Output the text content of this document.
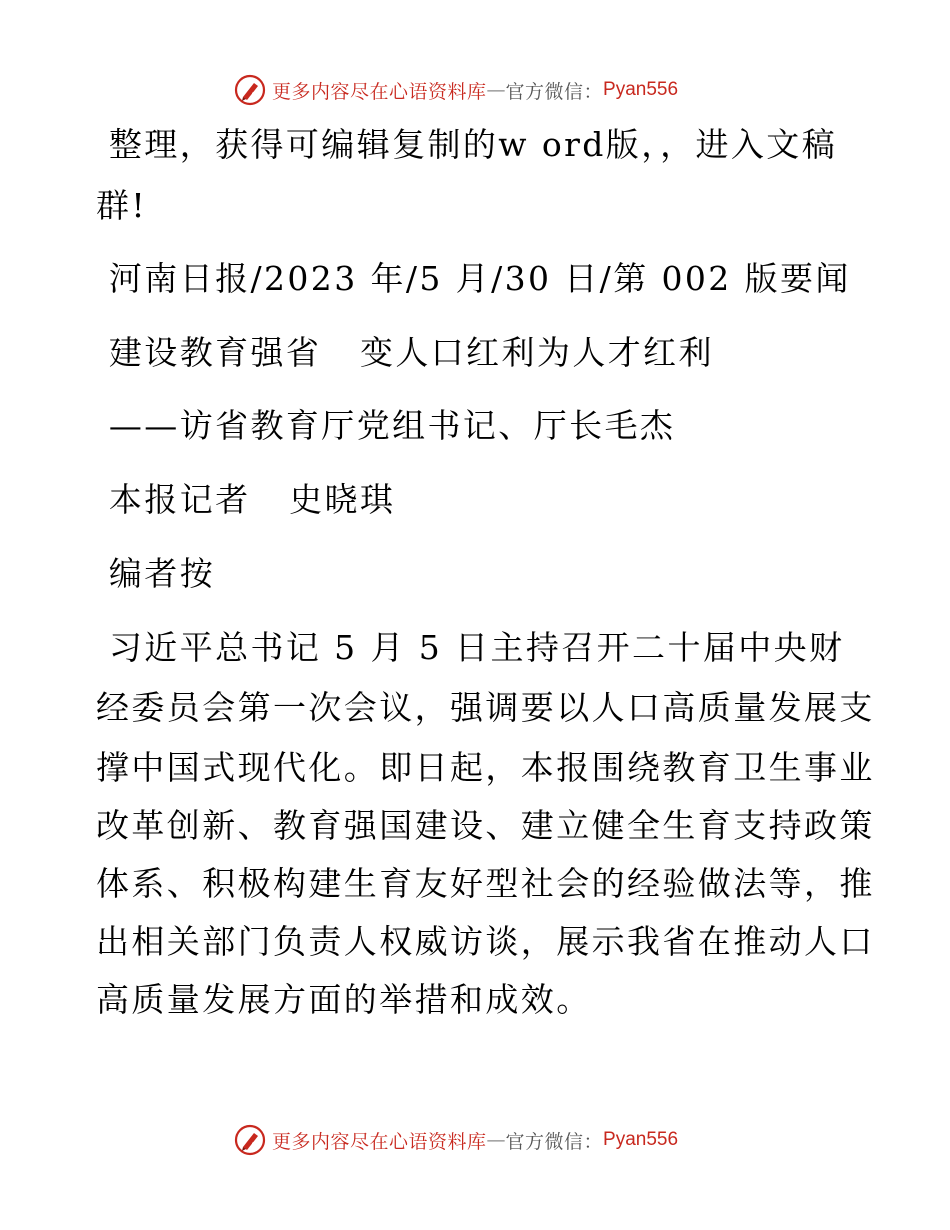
更多内容尽在心语资料库 — 官方微信： Pyan556
整理，获得可编辑复制的w ord版，，进入文稿
群!
河南日报/2023 年/5 月/30 日/第 002 版要闻
建设教育强省   变人口红利为人才红利
——访省教育厅党组书记、厅长毛杰
本报记者   史晓琪
编者按
习近平总书记 5 月 5 日主持召开二十届中央财
经委员会第一次会议，强调要以人口高质量发展支
撑中国式现代化。即日起，本报围绕教育卫生事业
改革创新、教育强国建设、建立健全生育支持政策
体系、积极构建生育友好型社会的经验做法等，推
出相关部门负责人权威访谈，展示我省在推动人口
高质量发展方面的举措和成效。
更多内容尽在心语资料库 — 官方微信： Pyan556
